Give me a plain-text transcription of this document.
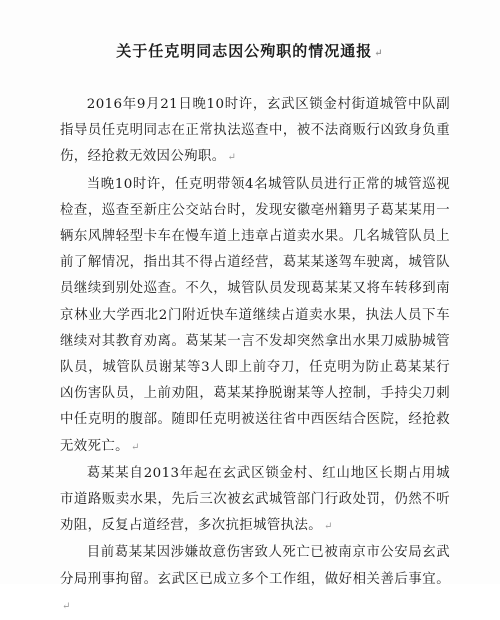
关于任克明同志因公殉职的情况通报 ↵

2016年9月21日晚10时许，玄武区锁金村街道城管中队副指导员任克明同志在正常执法巡查中，被不法商贩行凶致身负重伤，经抢救无效因公殉职。 ↵

当晚10时许，任克明带领4名城管队员进行正常的城管巡视检查，巡查至新庄公交站台时，发现安徽亳州籍男子葛某某用一辆东风牌轻型卡车在慢车道上违章占道卖水果。几名城管队员上前了解情况，指出其不得占道经营，葛某某遂驾车驶离，城管队员继续到别处巡查。不久，城管队员发现葛某某又将车转移到南京林业大学西北2门附近快车道继续占道卖水果，执法人员下车继续对其教育劝离。葛某某一言不发却突然拿出水果刀威胁城管队员，城管队员谢某等3人即上前夺刀，任克明为防止葛某某行凶伤害队员，上前劝阻，葛某某挣脱谢某等人控制，手持尖刀刺中任克明的腹部。随即任克明被送往省中西医结合医院，经抢救无效死亡。 ↵

葛某某自2013年起在玄武区锁金村、红山地区长期占用城市道路贩卖水果，先后三次被玄武城管部门行政处罚，仍然不听劝阻，反复占道经营，多次抗拒城管执法。 ↵

目前葛某某因涉嫌故意伤害致人死亡已被南京市公安局玄武分局刑事拘留。玄武区已成立多个工作组，做好相关善后事宜。↵
